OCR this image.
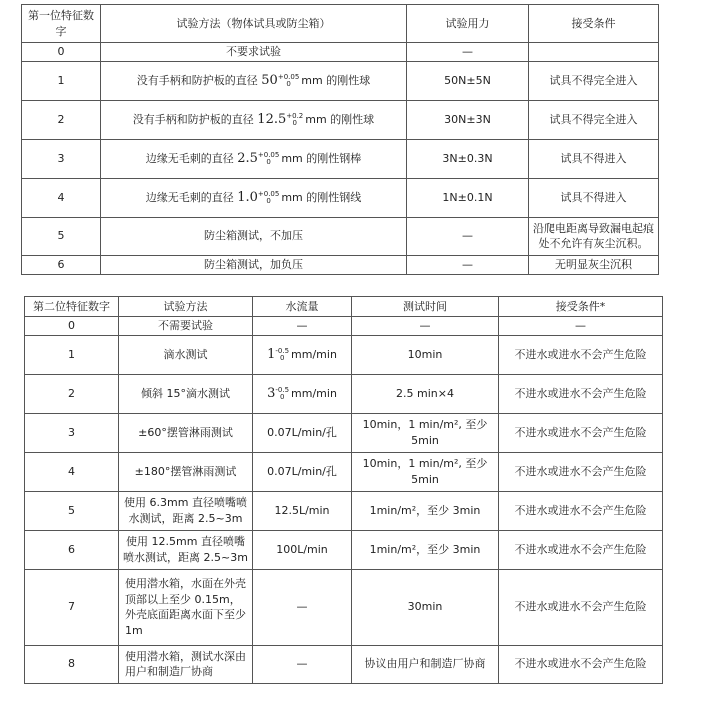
第一位特征数字	试验方法（物体试具或防尘箱）	试验用力	接受条件
0	不要求试验	—	
1	没有手柄和防护板的直径 50 +0.05
0 mm 的刚性球	50N±5N	试具不得完全进入
2	没有手柄和防护板的直径 12.5 +0.2
0 mm 的刚性球	30N±3N	试具不得完全进入
3	边缘无毛刺的直径 2.5 +0.05
0 mm 的刚性钢棒	3N±0.3N	试具不得进入
4	边缘无毛刺的直径 1.0 +0.05
0 mm 的刚性钢线	1N±0.1N	试具不得进入
5	防尘箱测试，不加压	—	沿爬电距离导致漏电起痕处不允许有灰尘沉积。
6	防尘箱测试，加负压	—	无明显灰尘沉积
第二位特征数字	试验方法	水流量	测试时间	接受条件*
0	不需要试验	—	—	—
1	滴水测试	1 -0.5
0 mm/min	10min	不进水或进水不会产生危险
2	倾斜 15°滴水测试	3 -0.5
0 mm/min	2.5 min×4	不进水或进水不会产生危险
3	±60°摆管淋雨测试	0.07L/min/孔	10min，1 min/m², 至少 5min	不进水或进水不会产生危险
4	±180°摆管淋雨测试	0.07L/min/孔	10min，1 min/m², 至少 5min	不进水或进水不会产生危险
5	使用 6.3mm 直径喷嘴喷水测试，距离 2.5~3m	12.5L/min	1min/m²，至少 3min	不进水或进水不会产生危险
6	使用 12.5mm 直径喷嘴喷水测试，距离 2.5~3m	100L/min	1min/m²，至少 3min	不进水或进水不会产生危险
7	使用潜水箱，水面在外壳顶部以上至少 0.15m，外壳底面距离水面下至少 1m	—	30min	不进水或进水不会产生危险
8	使用潜水箱，测试水深由用户和制造厂协商	—	协议由用户和制造厂协商	不进水或进水不会产生危险
